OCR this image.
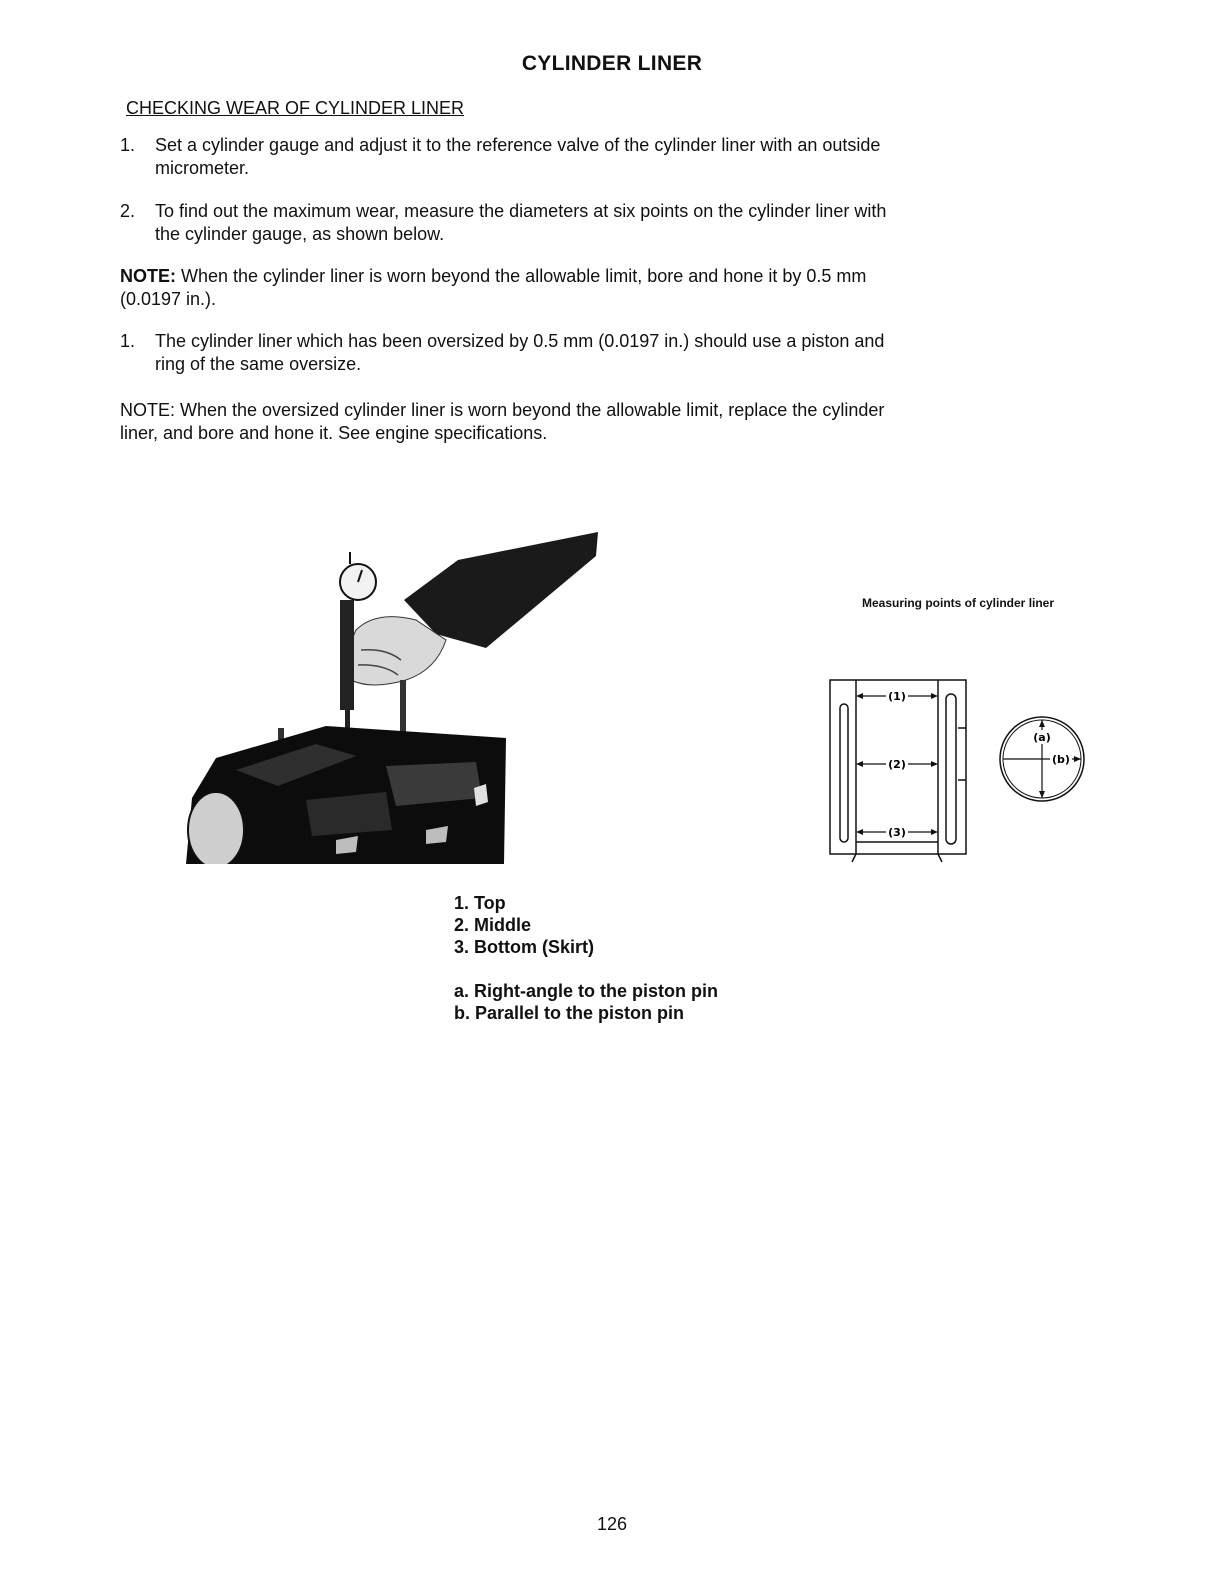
CYLINDER LINER
CHECKING WEAR OF CYLINDER LINER
1. Set a cylinder gauge and adjust it to the reference valve of the cylinder liner with an outside
micrometer.
2. To find out the maximum wear, measure the diameters at six points on the cylinder liner with
the cylinder gauge, as shown below.
NOTE: When the cylinder liner is worn beyond the allowable limit, bore and hone it by 0.5 mm
(0.0197 in.).
1. The cylinder liner which has been oversized by 0.5 mm (0.0197 in.) should use a piston and
ring of the same oversize.
NOTE: When the oversized cylinder liner is worn beyond the allowable limit, replace the cylinder
liner, and bore and hone it. See engine specifications.
Measuring points of cylinder liner
(1)
(2)
(3)
(a)
(b)
1. Top
2. Middle
3. Bottom (Skirt)
a. Right-angle to the piston pin
b. Parallel to the piston pin
126
